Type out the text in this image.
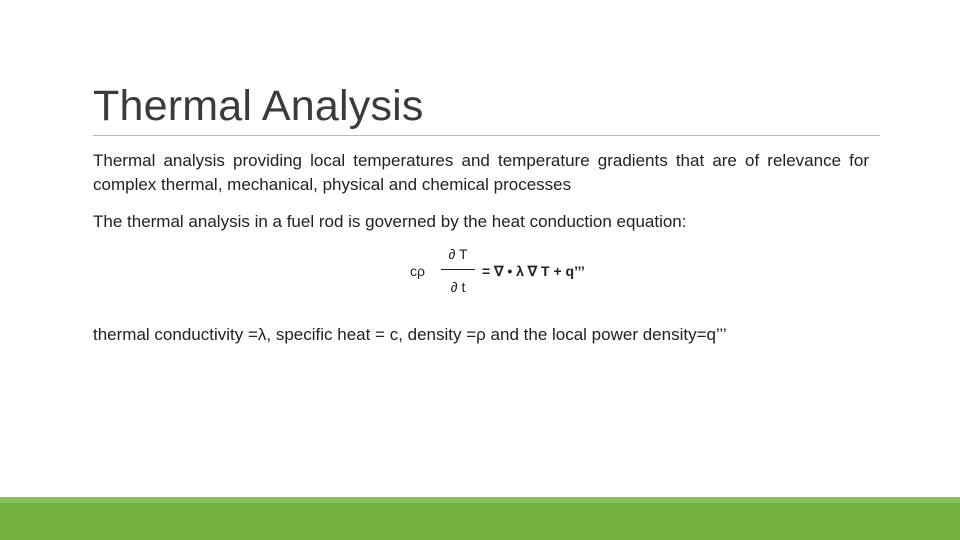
Thermal Analysis

Thermal analysis providing local temperatures and temperature gradients that are of relevance for complex thermal, mechanical, physical and chemical processes

The thermal analysis in a fuel rod is governed by the heat conduction equation:

cρ
∂ T
∂ t
= ∇ • λ ∇ T + q’’’

thermal conductivity =λ, specific heat = c, density =ρ and the local power density=q’’’
